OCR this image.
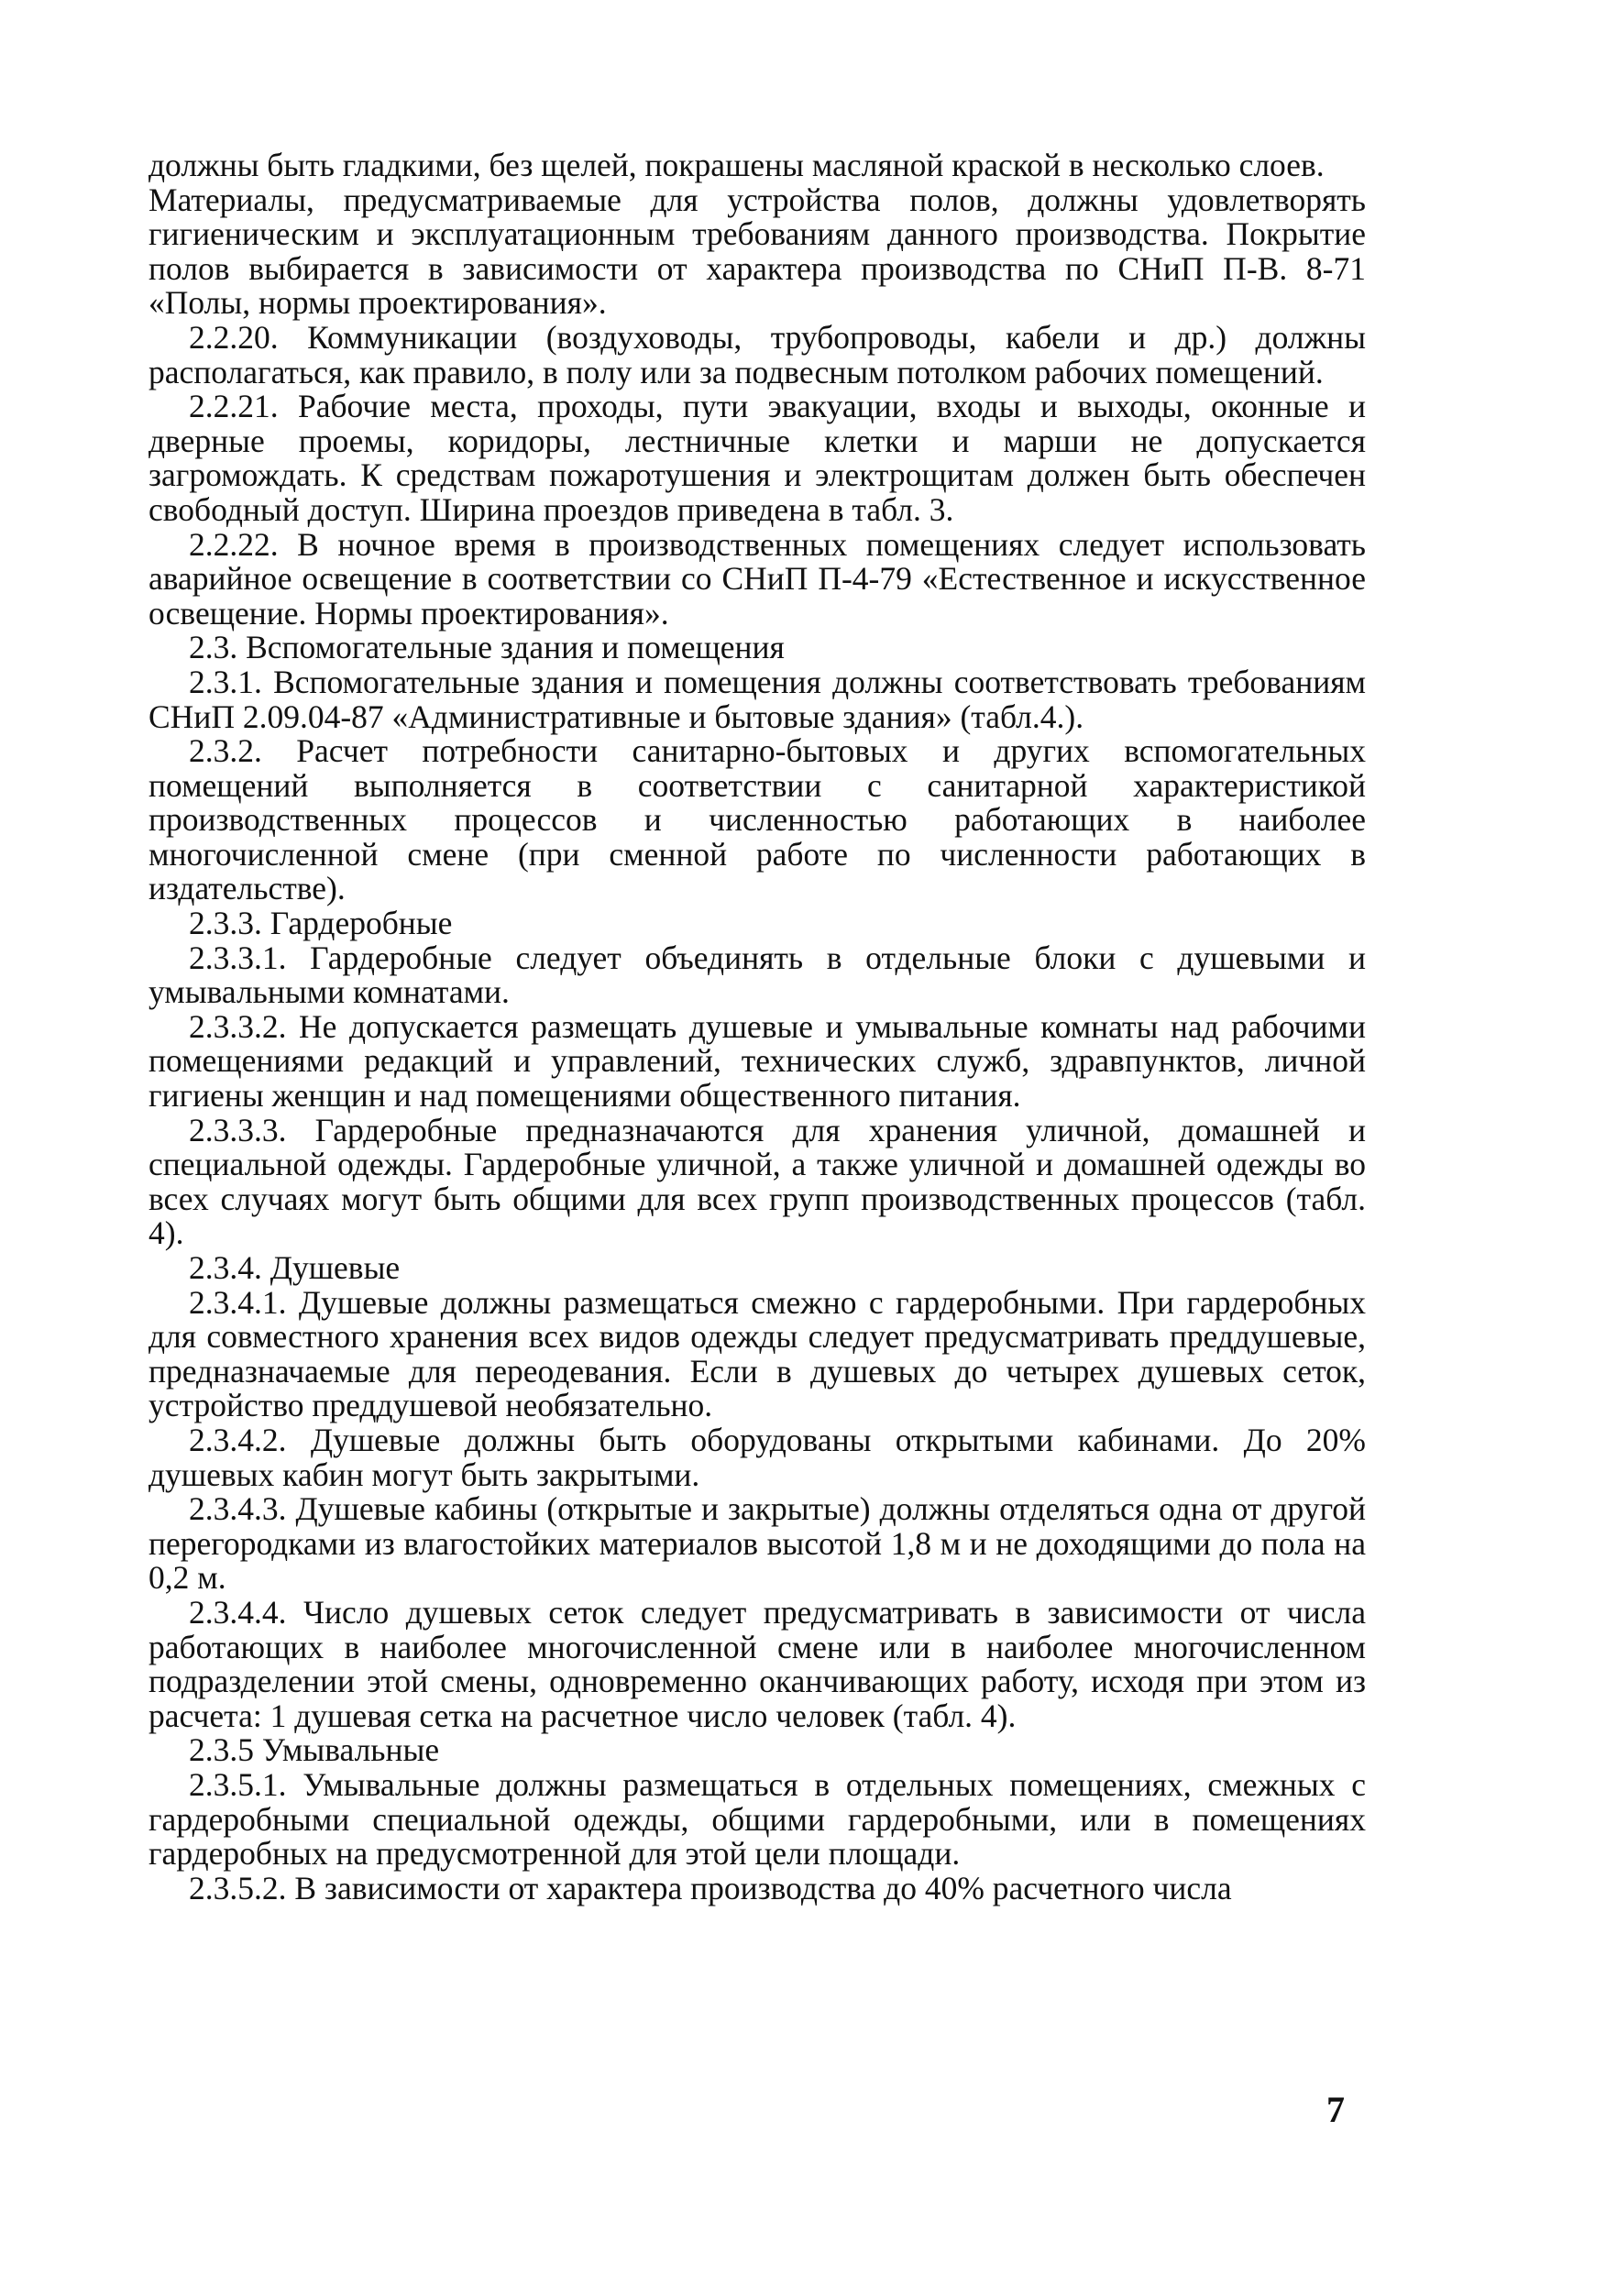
должны быть гладкими, без щелей, покрашены масляной краской в несколько слоев.

Материалы, предусматриваемые для устройства полов, должны удовлетворять гигиеническим и эксплуатационным требованиям данного производства. Покрытие полов выбирается в зависимости от характера производства по СНиП П-В. 8-71 «Полы, нормы проектирования».

2.2.20. Коммуникации (воздуховоды, трубопроводы, кабели и др.) должны располагаться, как правило, в полу или за подвесным потолком рабочих помещений.

2.2.21. Рабочие места, проходы, пути эвакуации, входы и выходы, оконные и дверные проемы, коридоры, лестничные клетки и марши не допускается загромождать. К средствам пожаротушения и электрощитам должен быть обеспечен свободный доступ. Ширина проездов приведена в табл. 3.

2.2.22. В ночное время в производственных помещениях следует использовать аварийное освещение в соответствии со СНиП П-4-79 «Естественное и искусственное освещение. Нормы проектирования».

2.3. Вспомогательные здания и помещения

2.3.1. Вспомогательные здания и помещения должны соответствовать требованиям СНиП 2.09.04-87 «Административные и бытовые здания» (табл.4.).

2.3.2. Расчет потребности санитарно-бытовых и других вспомогательных помещений выполняется в соответствии с санитарной характеристикой производственных процессов и численностью работающих в наиболее многочисленной смене (при сменной работе по численности работающих в издательстве).

2.3.3. Гардеробные

2.3.3.1. Гардеробные следует объединять в отдельные блоки с душевыми и умывальными комнатами.

2.3.3.2. Не допускается размещать душевые и умывальные комнаты над рабочими помещениями редакций и управлений, технических служб, здравпунктов, личной гигиены женщин и над помещениями общественного питания.

2.3.3.3. Гардеробные предназначаются для хранения уличной, домашней и специальной одежды. Гардеробные уличной, а также уличной и домашней одежды во всех случаях могут быть общими для всех групп производственных процессов (табл. 4).

2.3.4. Душевые

2.3.4.1. Душевые должны размещаться смежно с гардеробными. При гардеробных для совместного хранения всех видов одежды следует предусматривать преддушевые, предназначаемые для переодевания. Если в душевых до четырех душевых сеток, устройство преддушевой необязательно.

2.3.4.2. Душевые должны быть оборудованы открытыми кабинами. До 20% душевых кабин могут быть закрытыми.

2.3.4.3. Душевые кабины (открытые и закрытые) должны отделяться одна от другой перегородками из влагостойких материалов высотой 1,8 м и не доходящими до пола на 0,2 м.

2.3.4.4. Число душевых сеток следует предусматривать в зависимости от числа работающих в наиболее многочисленной смене или в наиболее многочисленном подразделении этой смены, одновременно оканчивающих работу, исходя при этом из расчета: 1 душевая сетка на расчетное число человек (табл. 4).

2.3.5 Умывальные

2.3.5.1. Умывальные должны размещаться в отдельных помещениях, смежных с гардеробными специальной одежды, общими гардеробными, или в помещениях гардеробных на предусмотренной для этой цели площади.

2.3.5.2. В зависимости от характера производства до 40% расчетного числа

7
